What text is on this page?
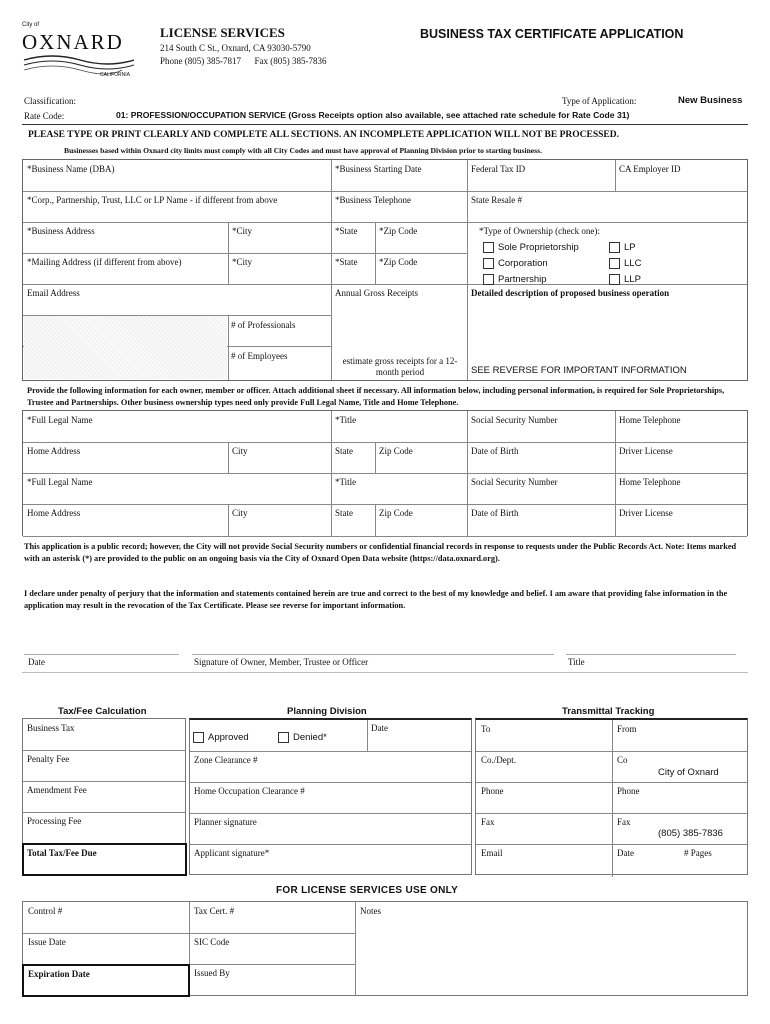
City of
OXNARD
CALIFORNIA
LICENSE SERVICES
214 South C St., Oxnard, CA 93030-5790
Phone (805) 385-7817      Fax (805) 385-7836
BUSINESS TAX CERTIFICATE APPLICATION
Classification:	Type of Application:	New Business
Rate Code:	01: PROFESSION/OCCUPATION SERVICE (Gross Receipts option also available, see attached rate schedule for Rate Code 31)
PLEASE TYPE OR PRINT CLEARLY AND COMPLETE ALL SECTIONS. AN INCOMPLETE APPLICATION WILL NOT BE PROCESSED.
Businesses based within Oxnard city limits must comply with all City Codes and must have approval of Planning Division prior to starting business.
*Business Name (DBA)	*Business Starting Date	Federal Tax ID	CA Employer ID
*Corp., Partnership, Trust, LLC or LP Name - if different from above	*Business Telephone	State Resale #
*Business Address	*City	*State *Zip Code
*Mailing Address (if different from above)	*City	*State *Zip Code
*Type of Ownership (check one):
Sole Proprietorship	LP
Corporation	LLC
Partnership	LLP
Email Address	Annual Gross Receipts	Detailed description of proposed business operation
# of Professionals
# of Employees	estimate gross receipts for a 12-month period	SEE REVERSE FOR IMPORTANT INFORMATION
Provide the following information for each owner, member or officer. Attach additional sheet if necessary. All information below, including personal information, is required for Sole Proprietorships, Trustee and Partnerships. Other business ownership types need only provide Full Legal Name, Title and Home Telephone.
*Full Legal Name	*Title	Social Security Number	Home Telephone
Home Address	City	State	Zip Code	Date of Birth	Driver License
*Full Legal Name	*Title	Social Security Number	Home Telephone
Home Address	City	State	Zip Code	Date of Birth	Driver License
This application is a public record; however, the City will not provide Social Security numbers or confidential financial records in response to requests under the Public Records Act. Note: Items marked with an asterisk (*) are provided to the public on an ongoing basis via the City of Oxnard Open Data website (https://data.oxnard.org).
I declare under penalty of perjury that the information and statements contained herein are true and correct to the best of my knowledge and belief. I am aware that providing false information in the application may result in the revocation of the Tax Certificate. Please see reverse for important information.
Date	Signature of Owner, Member, Trustee or Officer	Title
Tax/Fee Calculation	Planning Division	Transmittal Tracking
Business Tax
Penalty Fee
Amendment Fee
Processing Fee
Total Tax/Fee Due
Approved	Denied*
Date
Zone Clearance #
Home Occupation Clearance #
Planner signature
Applicant signature*
To	From
Co./Dept.	Co
City of Oxnard
Phone	Phone
Fax	Fax
(805) 385-7836
Email	Date	# Pages
FOR LICENSE SERVICES USE ONLY
Control #	Tax Cert. #	Notes
Issue Date	SIC Code
Expiration Date	Issued By
